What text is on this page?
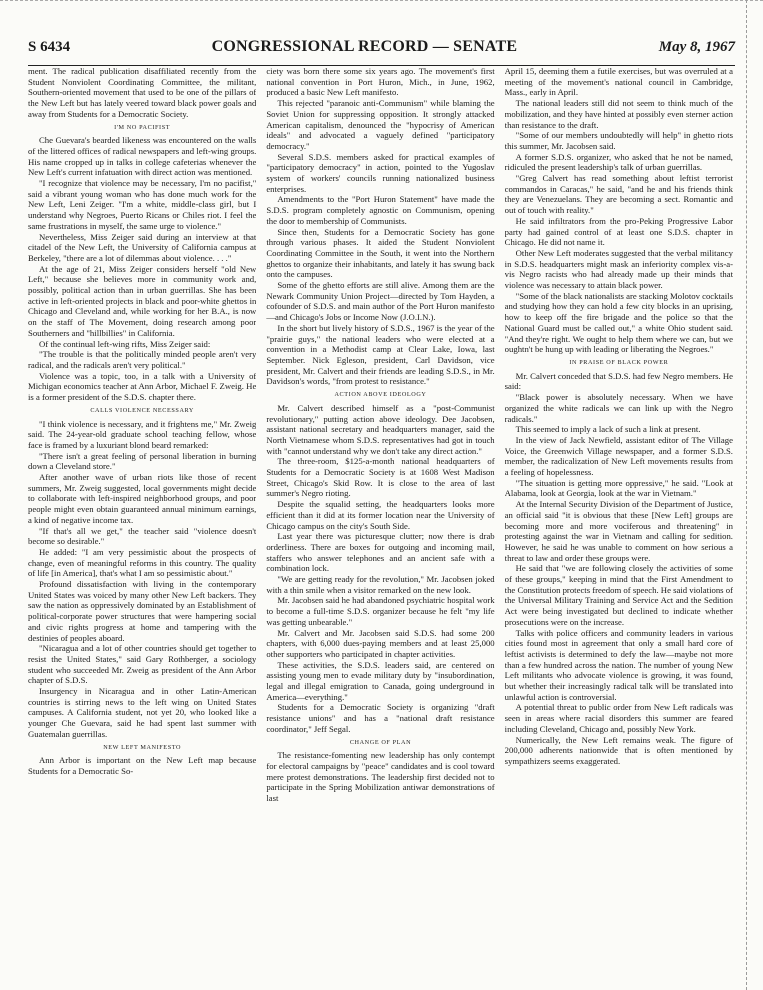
S 6434	CONGRESSIONAL RECORD — SENATE	May 8, 1967

ment. The radical publication disaffiliated recently from the Student Nonviolent Coordinating Committee, the militant, Southern-oriented movement that used to be one of the pillars of the New Left but has lately veered toward black power goals and away from Students for a Democratic Society.

I'M NO PACIFIST

Che Guevara's bearded likeness was encountered on the walls of the littered offices of radical newspapers and left-wing groups. His name cropped up in talks in college cafeterias whenever the New Left's current infatuation with direct action was mentioned.

"I recognize that violence may be necessary, I'm no pacifist," said a vibrant young woman who has done much work for the New Left, Leni Zeiger. "I'm a white, middle-class girl, but I understand why Negroes, Puerto Ricans or Chiles riot. I feel the same frustrations in myself, the same urge to violence."

Nevertheless, Miss Zeiger said during an interview at that citadel of the New Left, the University of California campus at Berkeley, "there are a lot of dilemmas about violence. . . ."

At the age of 21, Miss Zeiger considers herself "old New Left," because she believes more in community work and, possibly, political action than in urban guerrillas. She has been active in left-oriented projects in black and poor-white ghettos in Chicago and Cleveland and, while working for her B.A., is now on the staff of The Movement, doing research among poor Southerners and "hillbillies" in California.

Of the continual left-wing rifts, Miss Zeiger said:

"The trouble is that the politically minded people aren't very radical, and the radicals aren't very political."

Violence was a topic, too, in a talk with a University of Michigan economics teacher at Ann Arbor, Michael F. Zweig. He is a former president of the S.D.S. chapter there.

CALLS VIOLENCE NECESSARY

"I think violence is necessary, and it frightens me," Mr. Zweig said. The 24-year-old graduate school teaching fellow, whose face is framed by a luxuriant blond beard remarked:

"There isn't a great feeling of personal liberation in burning down a Cleveland store."

After another wave of urban riots like those of recent summers, Mr. Zweig suggested, local governments might decide to collaborate with left-inspired neighborhood groups, and poor people might even obtain guaranteed annual minimum earnings, a kind of negative income tax.

"If that's all we get," the teacher said "violence doesn't become so desirable."

He added: "I am very pessimistic about the prospects of change, even of meaningful reforms in this country. The quality of life [in America], that's what I am so pessimistic about."

Profound dissatisfaction with living in the contemporary United States was voiced by many other New Left backers. They saw the nation as oppressively dominated by an Establishment of political-corporate power structures that were hampering social and civic rights progress at home and tampering with the destinies of peoples aboard.

"Nicaragua and a lot of other countries should get together to resist the United States," said Gary Rothberger, a sociology student who succeeded Mr. Zweig as president of the Ann Arbor chapter of S.D.S.

Insurgency in Nicaragua and in other Latin-American countries is stirring news to the left wing on United States campuses. A California student, not yet 20, who looked like a younger Che Guevara, said he had spent last summer with Guatemalan guerrillas.

NEW LEFT MANIFESTO

Ann Arbor is important on the New Left map because Students for a Democratic So-

ciety was born there some six years ago. The movement's first national convention in Port Huron, Mich., in June, 1962, produced a basic New Left manifesto.

This rejected "paranoic anti-Communism" while blaming the Soviet Union for suppressing opposition. It strongly attacked American capitalism, denounced the "hypocrisy of American ideals" and advocated a vaguely defined "participatory democracy."

Several S.D.S. members asked for practical examples of "participatory democracy" in action, pointed to the Yugoslav system of workers' councils running nationalized business enterprises.

Amendments to the "Port Huron Statement" have made the S.D.S. program completely agnostic on Communism, opening the door to membership of Communists.

Since then, Students for a Democratic Society has gone through various phases. It aided the Student Nonviolent Coordinating Committee in the South, it went into the Northern ghettos to organize their inhabitants, and lately it has swung back onto the campuses.

Some of the ghetto efforts are still alive. Among them are the Newark Community Union Project—directed by Tom Hayden, a cofounder of S.D.S. and main author of the Port Huron manifesto—and Chicago's Jobs or Income Now (J.O.I.N.).

In the short but lively history of S.D.S., 1967 is the year of the "prairie guys," the national leaders who were elected at a convention in a Methodist camp at Clear Lake, Iowa, last September. Nick Egleson, president, Carl Davidson, vice president, Mr. Calvert and their friends are leading S.D.S., in Mr. Davidson's words, "from protest to resistance."

ACTION ABOVE IDEOLOGY

Mr. Calvert described himself as a "post-Communist revolutionary," putting action above ideology. Dee Jacobsen, assistant national secretary and headquarters manager, said the North Vietnamese whom S.D.S. representatives had got in touch with "cannot understand why we don't take any direct action."

The three-room, $125-a-month national headquarters of Students for a Democratic Society is at 1608 West Madison Street, Chicago's Skid Row. It is close to the area of last summer's Negro rioting.

Despite the squalid setting, the headquarters looks more efficient than it did at its former location near the University of Chicago campus on the city's South Side.

Last year there was picturesque clutter; now there is drab orderliness. There are boxes for outgoing and incoming mail, staffers who answer telephones and an ancient safe with a combination lock.

"We are getting ready for the revolution," Mr. Jacobsen joked with a thin smile when a visitor remarked on the new look.

Mr. Jacobsen said he had abandoned psychiatric hospital work to become a full-time S.D.S. organizer because he felt "my life was getting unbearable."

Mr. Calvert and Mr. Jacobsen said S.D.S. had some 200 chapters, with 6,000 dues-paying members and at least 25,000 other supporters who participated in chapter activities.

These activities, the S.D.S. leaders said, are centered on assisting young men to evade military duty by "insubordination, legal and illegal emigration to Canada, going underground in America—everything."

Students for a Democratic Society is organizing "draft resistance unions" and has a "national draft resistance coordinator," Jeff Segal.

CHANGE OF PLAN

The resistance-fomenting new leadership has only contempt for electoral campaigns by "peace" candidates and is cool toward mere protest demonstrations. The leadership first decided not to participate in the Spring Mobilization antiwar demonstrations of last

April 15, deeming them a futile exercises, but was overruled at a meeting of the movement's national council in Cambridge, Mass., early in April.

The national leaders still did not seem to think much of the mobilization, and they have hinted at possibly even sterner action than resistance to the draft.

"Some of our members undoubtedly will help" in ghetto riots this summer, Mr. Jacobsen said.

A former S.D.S. organizer, who asked that he not be named, ridiculed the present leadership's talk of urban guerrillas.

"Greg Calvert has read something about leftist terrorist commandos in Caracas," he said, "and he and his friends think they are Venezuelans. They are becoming a sect. Romantic and out of touch with reality."

He said infiltrators from the pro-Peking Progressive Labor party had gained control of at least one S.D.S. chapter in Chicago. He did not name it.

Other New Left moderates suggested that the verbal militancy in S.D.S. headquarters might mask an inferiority complex vis-a-vis Negro racists who had already made up their minds that violence was necessary to attain black power.

"Some of the black nationalists are stacking Molotov cocktails and studying how they can hold a few city blocks in an uprising, how to keep off the fire brigade and the police so that the National Guard must be called out," a white Ohio student said. "And they're right. We ought to help them where we can, but we oughtn't be hung up with leading or liberating the Negroes."

IN PRAISE OF BLACK POWER

Mr. Calvert conceded that S.D.S. had few Negro members. He said:

"Black power is absolutely necessary. When we have organized the white radicals we can link up with the Negro radicals."

This seemed to imply a lack of such a link at present.

In the view of Jack Newfield, assistant editor of The Village Voice, the Greenwich Village newspaper, and a former S.D.S. member, the radicalization of New Left movements results from a feeling of hopelessness.

"The situation is getting more oppressive," he said. "Look at Alabama, look at Georgia, look at the war in Vietnam."

At the Internal Security Division of the Department of Justice, an official said "it is obvious that these [New Left] groups are becoming more and more vociferous and threatening" in protesting against the war in Vietnam and calling for sedition. However, he said he was unable to comment on how serious a threat to law and order these groups were.

He said that "we are following closely the activities of some of these groups," keeping in mind that the First Amendment to the Constitution protects freedom of speech. He said violations of the Universal Military Training and Service Act and the Sedition Act were being investigated but declined to indicate whether prosecutions were on the increase.

Talks with police officers and community leaders in various cities found most in agreement that only a small hard core of leftist activists is determined to defy the law—maybe not more than a few hundred across the nation. The number of young New Left militants who advocate violence is growing, it was found, but whether their increasingly radical talk will be translated into unlawful action is controversial.

A potential threat to public order from New Left radicals was seen in areas where racial disorders this summer are feared including Cleveland, Chicago and, possibly New York.

Numerically, the New Left remains weak. The figure of 200,000 adherents nationwide that is often mentioned by sympathizers seems exaggerated.
